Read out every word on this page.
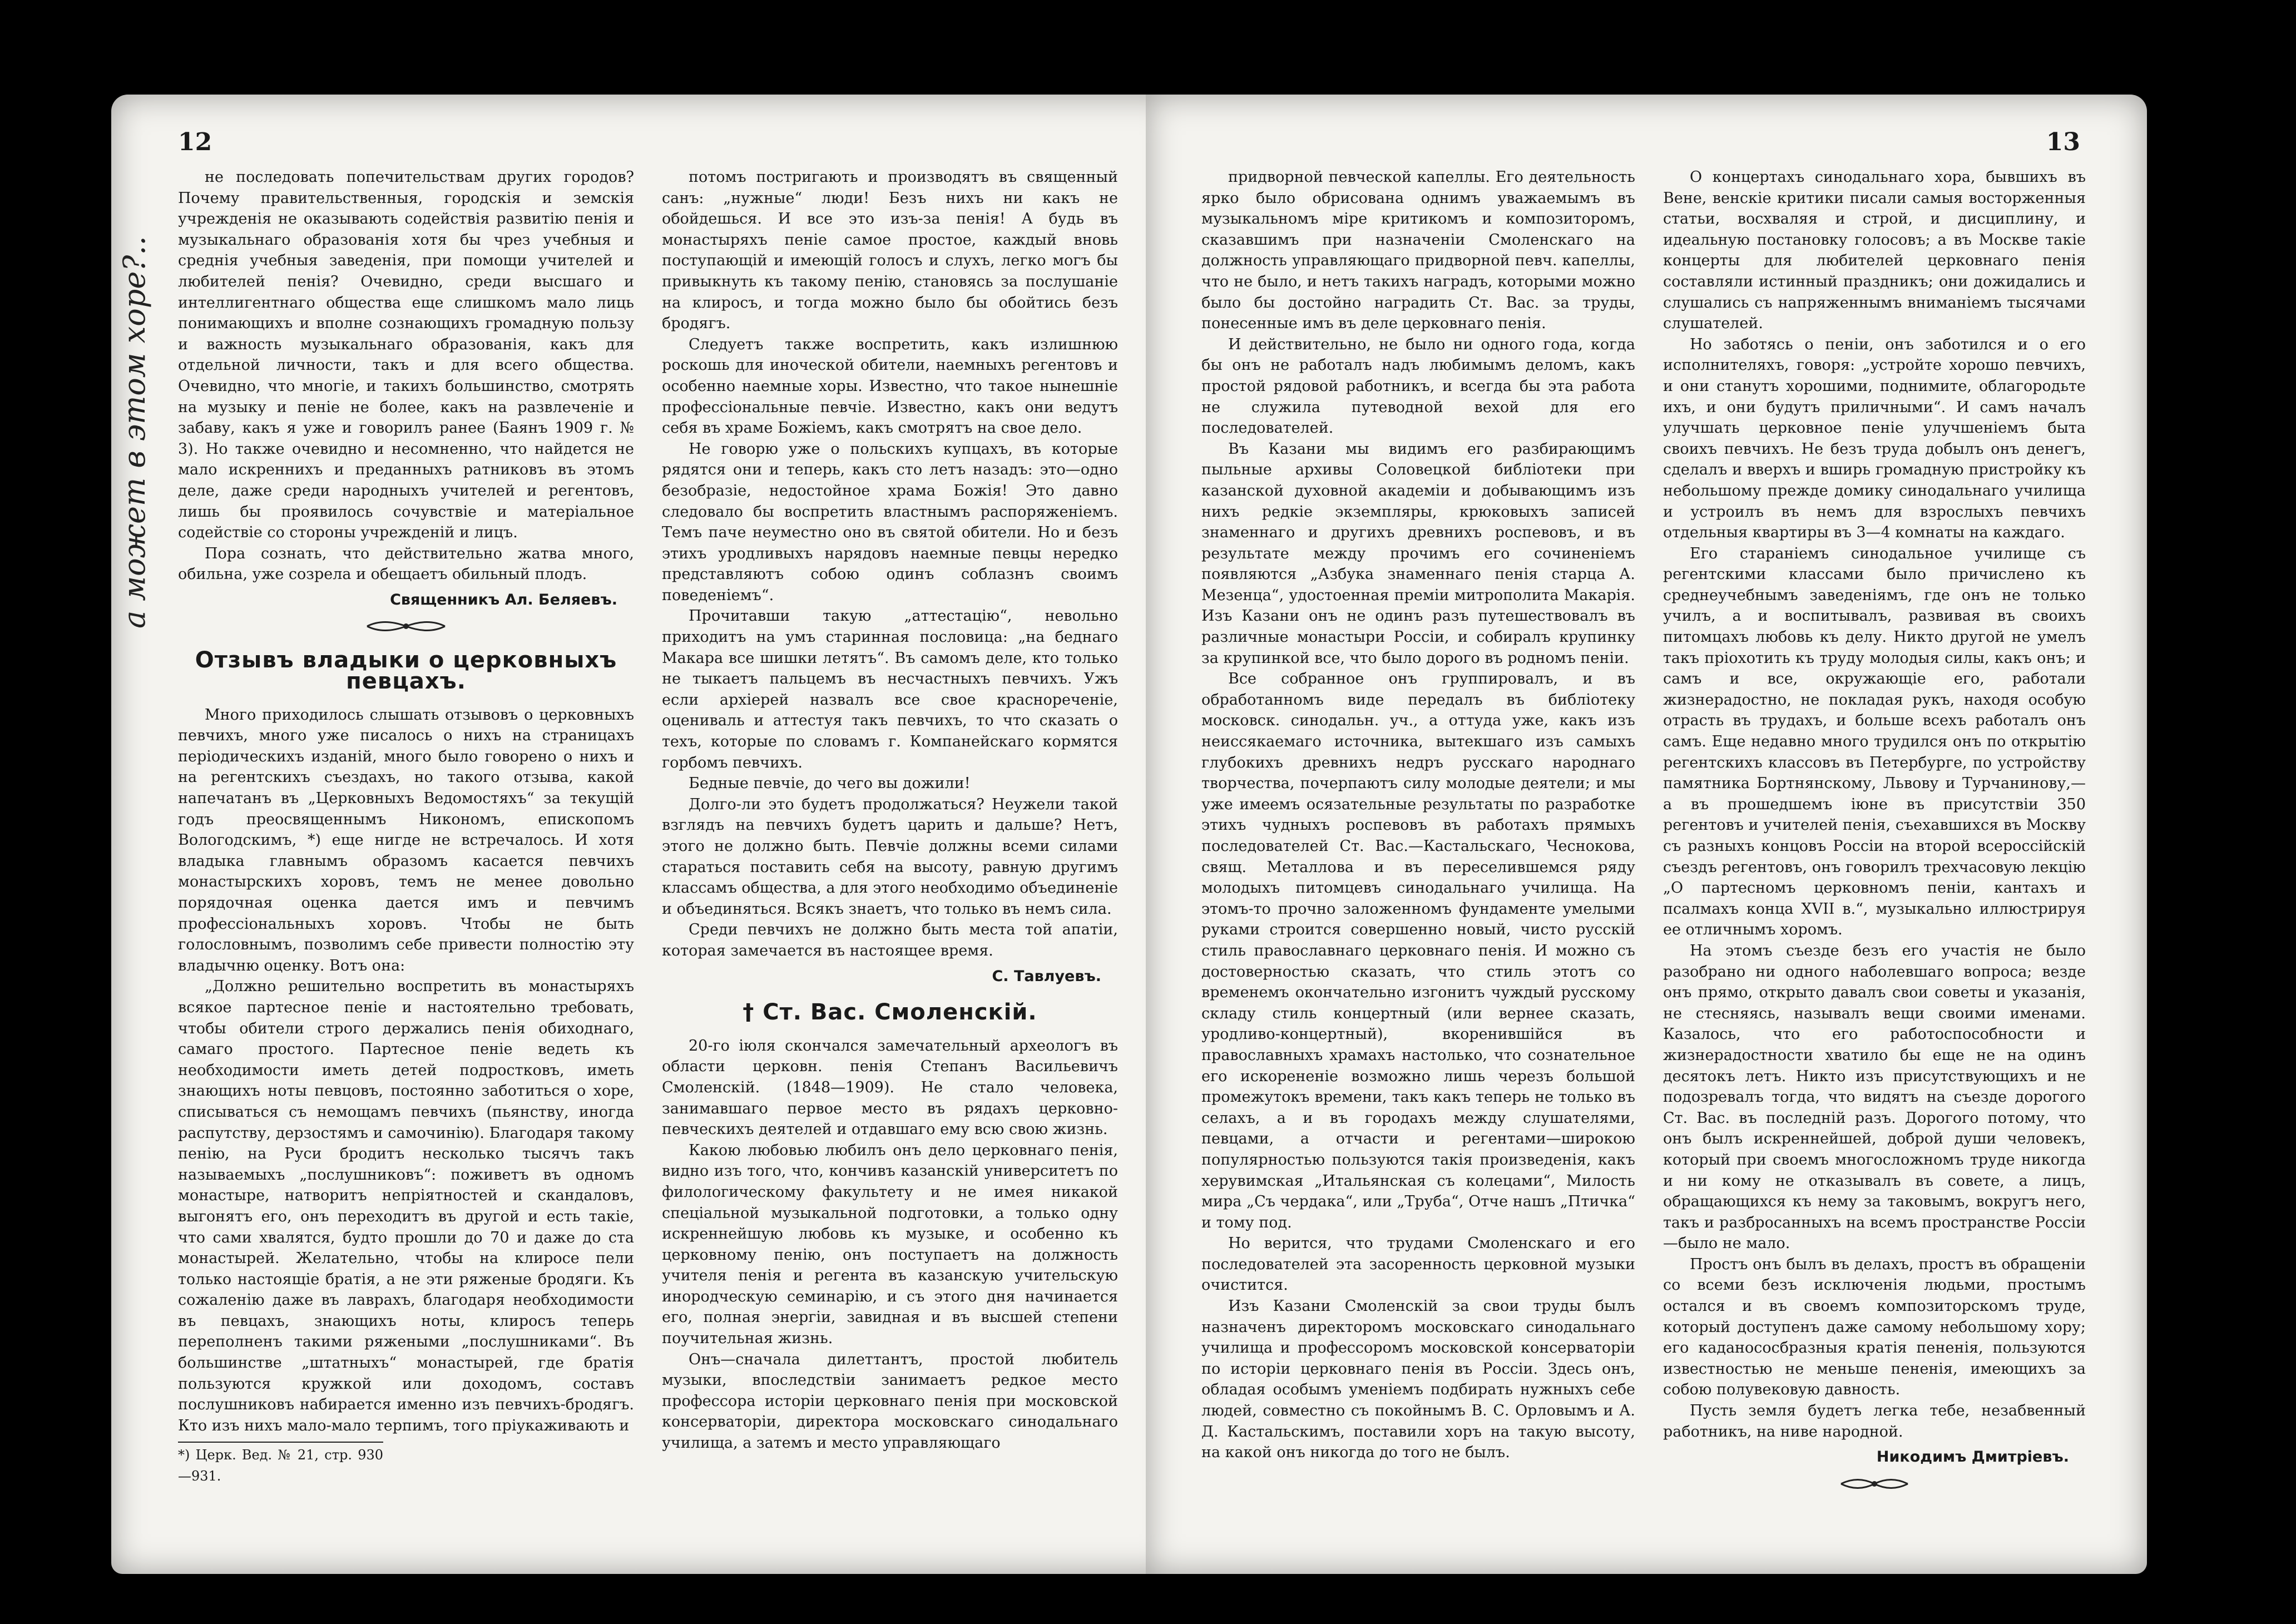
а может в этом хоре?..
12

не последовать попечительствам других городов? Почему правительственныя, городскія и земскія учрежденія не оказывають содействія развитію пенія и музыкальнаго образованія хотя бы чрез учебныя и среднія учебныя заведенія, при помощи учителей и любителей пенія? Очевидно, среди высшаго и интеллигентнаго общества еще слишкомъ мало лиць понимающихъ и вполне сознающихъ громадную пользу и важность музыкальнаго образованія, какъ для отдельной личности, такъ и для всего общества. Очевидно, что многіе, и такихъ большинство, смотрять на музыку и пеніе не более, какъ на развлеченіе и забаву, какъ я уже и говорилъ ранее (Баянъ 1909 г. № 3). Но также очевидно и несомненно, что найдется не мало искреннихъ и преданныхъ ратниковъ въ этомъ деле, даже среди народныхъ учителей и регентовъ, лишь бы проявилось сочувствіе и матеріальное содействіе со стороны учрежденій и лицъ.

Пора сознать, что действительно жатва много, обильна, уже созрела и обещаетъ обильный плодъ.

Священникъ Ал. Беляевъ.
Отзывъ владыки о церковныхъ певцахъ.

Много приходилось слышать отзывовъ о церковныхъ певчихъ, много уже писалось о нихъ на страницахъ періодическихъ изданій, много было говорено о нихъ и на регентскихъ съездахъ, но такого отзыва, какой напечатанъ въ „Церковныхъ Ведомостяхъ“ за текущій годъ преосвященнымъ Никономъ, епископомъ Вологодскимъ, *) еще нигде не встречалось. И хотя владыка главнымъ образомъ касается певчихъ монастырскихъ хоровъ, темъ не менее довольно порядочная оценка дается имъ и певчимъ профессіональныхъ хоровъ. Чтобы не быть голословнымъ, позволимъ себе привести полностію эту владычню оценку. Вотъ она:

„Должно решительно воспретить въ монастыряхъ всякое партесное пеніе и настоятельно требовать, чтобы обители строго держались пенія обиходнаго, самаго простого. Партесное пеніе ведеть къ необходимости иметь детей подростковъ, иметь знающихъ ноты певцовъ, постоянно заботиться о хоре, списываться съ немощамъ певчихъ (пьянству, иногда распутству, дерзостямъ и самочинію). Благодаря такому пенію, на Руси бродитъ несколько тысячъ такъ называемыхъ „послушниковъ“: поживетъ въ одномъ монастыре, натворитъ непріятностей и скандаловъ, выгонятъ его, онъ переходитъ въ другой и есть такіе, что сами хвалятся, будто прошли до 70 и даже до ста монастырей. Желательно, чтобы на клиросе пели только настоящіе братія, а не эти ряженые бродяги. Къ сожаленію даже въ лаврахъ, благодаря необходимости въ певцахъ, знающихъ ноты, клиросъ теперь переполненъ такими ряжеными „послушниками“. Въ большинстве „штатныхъ“ монастырей, где братія пользуются кружкой или доходомъ, составъ послушниковъ набирается именно изъ певчихъ-бродягъ. Кто изъ нихъ мало-мало терпимъ, того пріукаживають и

*) Церк. Вед. № 21, стр. 930—931.

потомъ постригають и производятъ въ священный санъ: „нужные“ люди! Безъ нихъ ни какъ не обойдешься. И все это изъ-за пенія! А будь въ монастыряхъ пеніе самое простое, каждый вновь поступающій и имеющій голосъ и слухъ, легко могъ бы привыкнуть къ такому пенію, становясь за послушаніе на клиросъ, и тогда можно было бы обойтись безъ бродягъ.

Следуетъ также воспретить, какъ излишнюю роскошь для иноческой обители, наемныхъ регентовъ и особенно наемные хоры. Известно, что такое нынешніе профессіональные певчіе. Известно, какъ они ведутъ себя въ храме Божіемъ, какъ смотрятъ на свое дело.

Не говорю уже о польскихъ купцахъ, въ которые рядятся они и теперь, какъ сто летъ назадъ: это—одно безобразіе, недостойное храма Божія! Это давно следовало бы воспретить властнымъ распоряженіемъ. Темъ паче неуместно оно въ святой обители. Но и безъ этихъ уродливыхъ нарядовъ наемные певцы нередко представляютъ собою одинъ соблазнъ своимъ поведеніемъ“.

Прочитавши такую „аттестацію“, невольно приходитъ на умъ старинная пословица: „на беднаго Макара все шишки летятъ“. Въ самомъ деле, кто только не тыкаетъ пальцемъ въ несчастныхъ певчихъ. Ужъ если архіерей назвалъ все свое краснореченіе, оцениваль и аттестуя такъ певчихъ, то что сказать о техъ, которые по словамъ г. Компанейскаго кормятся горбомъ певчихъ.

Бедные певчіе, до чего вы дожили!

Долго-ли это будетъ продолжаться? Неужели такой взглядъ на певчихъ будетъ царить и дальше? Нетъ, этого не должно быть. Певчіе должны всеми силами стараться поставить себя на высоту, равную другимъ классамъ общества, а для этого необходимо объединеніе и объединяться. Всякъ знаетъ, что только въ немъ сила.

Среди певчихъ не должно быть места той апатіи, которая замечается въ настоящее время.

С. Тавлуевъ.
† Ст. Вас. Смоленскій.

20-го іюля скончался замечательный археологъ въ области церковн. пенія Степанъ Васильевичъ Смоленскій. (1848—1909). Не стало человека, занимавшаго первое место въ рядахъ церковно-певческихъ деятелей и отдавшаго ему всю свою жизнь.

Какою любовью любилъ онъ дело церковнаго пенія, видно изъ того, что, кончивъ казанскій университетъ по филологическому факультету и не имея никакой спеціальной музыкальной подготовки, а только одну искреннейшую любовь къ музыке, и особенно къ церковному пенію, онъ поступаетъ на должность учителя пенія и регента въ казанскую учительскую инородческую семинарію, и съ этого дня начинается его, полная энергіи, завидная и въ высшей степени поучительная жизнь.

Онъ—сначала дилеттантъ, простой любитель музыки, впоследствіи занимаетъ редкое место профессора исторіи церковнаго пенія при московской консерваторіи, директора московскаго синодальнаго училища, а затемъ и место управляющаго

13

придворной певческой капеллы. Его деятельность ярко было обрисована однимъ уважаемымъ въ музыкальномъ міре критикомъ и композиторомъ, сказавшимъ при назначеніи Смоленскаго на должность управляющаго придворной певч. капеллы, что не было, и нетъ такихъ наградъ, которыми можно было бы достойно наградить Ст. Вас. за труды, понесенные имъ въ деле церковнаго пенія.

И действительно, не было ни одного года, когда бы онъ не работалъ надъ любимымъ деломъ, какъ простой рядовой работникъ, и всегда бы эта работа не служила путеводной вехой для его последователей.

Въ Казани мы видимъ его разбирающимъ пыльные архивы Соловецкой библіотеки при казанской духовной академіи и добывающимъ изъ нихъ редкіе экземпляры, крюковыхъ записей знаменнаго и другихъ древнихъ роспевовъ, и въ результате между прочимъ его сочиненіемъ появляются „Азбука знаменнаго пенія старца А. Мезенца“, удостоенная преміи митрополита Макарія. Изъ Казани онъ не одинъ разъ путешествовалъ въ различные монастыри Россіи, и собиралъ крупинку за крупинкой все, что было дорого въ родномъ пеніи.

Все собранное онъ группировалъ, и въ обработанномъ виде передалъ въ библіотеку московск. синодальн. уч., а оттуда уже, какъ изъ неиссякаемаго источника, вытекшаго изъ самыхъ глубокихъ древнихъ недръ русскаго народнаго творчества, почерпаютъ силу молодые деятели; и мы уже имеемъ осязательные результаты по разработке этихъ чудныхъ роспевовъ въ работахъ прямыхъ последователей Ст. Вас.—Кастальскаго, Чеснокова, свящ. Металлова и въ переселившемся ряду молодыхъ питомцевъ синодальнаго училища. На этомъ-то прочно заложенномъ фундаменте умелыми руками строится совершенно новый, чисто русскій стиль православнаго церковнаго пенія. И можно съ достоверностью сказать, что стиль этотъ со временемъ окончательно изгонитъ чуждый русскому складу стиль концертный (или вернее сказать, уродливо-концертный), вкоренившійся въ православныхъ храмахъ настолько, что сознательное его искорененіе возможно лишь черезъ большой промежутокъ времени, такъ какъ теперь не только въ селахъ, а и въ городахъ между слушателями, певцами, а отчасти и регентами—широкою популярностью пользуются такія произведенія, какъ херувимская „Итальянская съ колецами“, Милость мира „Съ чердака“, или „Труба“, Отче нашъ „Птичка“ и тому под.

Но верится, что трудами Смоленскаго и его последователей эта засоренность церковной музыки очистится.

Изъ Казани Смоленскій за свои труды былъ назначенъ директоромъ московскаго синодальнаго училища и профессоромъ московской консерваторіи по исторіи церковнаго пенія въ Россіи. Здесь онъ, обладая особымъ уменіемъ подбирать нужныхъ себе людей, совместно съ покойнымъ В. С. Орловымъ и А. Д. Кастальскимъ, поставили хоръ на такую высоту, на какой онъ никогда до того не былъ.

О концертахъ синодальнаго хора, бывшихъ въ Вене, венскіе критики писали самыя восторженныя статьи, восхваляя и строй, и дисциплину, и идеальную постановку голосовъ; а въ Москве такіе концерты для любителей церковнаго пенія составляли истинный праздникъ; они дожидались и слушались съ напряженнымъ вниманіемъ тысячами слушателей.

Но заботясь о пеніи, онъ заботился и о его исполнителяхъ, говоря: „устройте хорошо певчихъ, и они станутъ хорошими, поднимите, облагородьте ихъ, и они будутъ приличными“. И самъ началъ улучшать церковное пеніе улучшеніемъ быта своихъ певчихъ. Не безъ труда добылъ онъ денегъ, сделалъ и вверхъ и вширь громадную пристройку къ небольшому прежде домику синодальнаго училища и устроилъ въ немъ для взрослыхъ певчихъ отдельныя квартиры въ 3—4 комнаты на каждаго.

Его стараніемъ синодальное училище съ регентскими классами было причислено къ среднеучебнымъ заведеніямъ, где онъ не только училъ, а и воспитывалъ, развивая въ своихъ питомцахъ любовь къ делу. Никто другой не умелъ такъ пріохотить къ труду молодыя силы, какъ онъ; и самъ и все, окружающіе его, работали жизнерадостно, не покладая рукъ, находя особую отрасть въ трудахъ, и больше всехъ работалъ онъ самъ. Еще недавно много трудился онъ по открытію регентскихъ классовъ въ Петербурге, по устройству памятника Бортнянскому, Львову и Турчанинову,—а въ прошедшемъ іюне въ присутствіи 350 регентовъ и учителей пенія, съехавшихся въ Москву съ разныхъ концовъ Россіи на второй всероссійскій съездъ регентовъ, онъ говорилъ трехчасовую лекцію „О партесномъ церковномъ пеніи, кантахъ и псалмахъ конца XVII в.“, музыкально иллюстрируя ее отличнымъ хоромъ.

На этомъ съезде безъ его участія не было разобрано ни одного наболевшаго вопроса; везде онъ прямо, открыто давалъ свои советы и указанія, не стесняясь, называлъ вещи своими именами. Казалось, что его работоспособности и жизнерадостности хватило бы еще не на одинъ десятокъ летъ. Никто изъ присутствующихъ и не подозревалъ тогда, что видятъ на съезде дорогого Ст. Вас. въ последній разъ. Дорогого потому, что онъ былъ искреннейшей, доброй души человекъ, который при своемъ многосложномъ труде никогда и ни кому не отказывалъ въ совете, а лицъ, обращающихся къ нему за таковымъ, вокругъ него, такъ и разбросанныхъ на всемъ пространстве Россіи—было не мало.

Простъ онъ былъ въ делахъ, простъ въ обращеніи со всеми безъ исключенія людьми, простымъ остался и въ своемъ композиторскомъ труде, который доступенъ даже самому небольшому хору; его каданососбразныя кратія пененія, пользуются известностью не меньше пененія, имеющихъ за собою полувековую давность.

Пусть земля будетъ легка тебе, незабвенный работникъ, на ниве народной.

Никодимъ Дмитріевъ.
